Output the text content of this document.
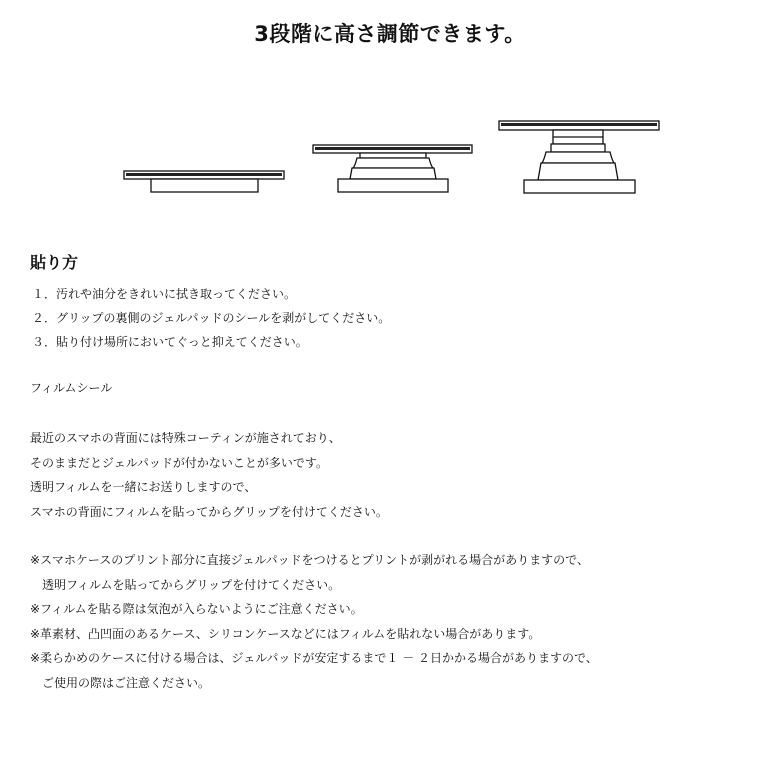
3段階に高さ調節できます。
貼り方
１．汚れや油分をきれいに拭き取ってください。
２．グリップの裏側のジェルパッドのシールを剥がしてください。
３．貼り付け場所においてぐっと抑えてください。
フィルムシール
最近のスマホの背面には特殊コーティンが施されており、
そのままだとジェルパッドが付かないことが多いです。
透明フィルムを一緒にお送りしますので、
スマホの背面にフィルムを貼ってからグリップを付けてください。
※スマホケースのプリント部分に直接ジェルパッドをつけるとプリントが剥がれる場合がありますので、
透明フィルムを貼ってからグリップを付けてください。
※フィルムを貼る際は気泡が入らないようにご注意ください。
※革素材、凸凹面のあるケース、シリコンケースなどにはフィルムを貼れない場合があります。
※柔らかめのケースに付ける場合は、ジェルパッドが安定するまで１ － ２日かかる場合がありますので、
ご使用の際はご注意ください。
